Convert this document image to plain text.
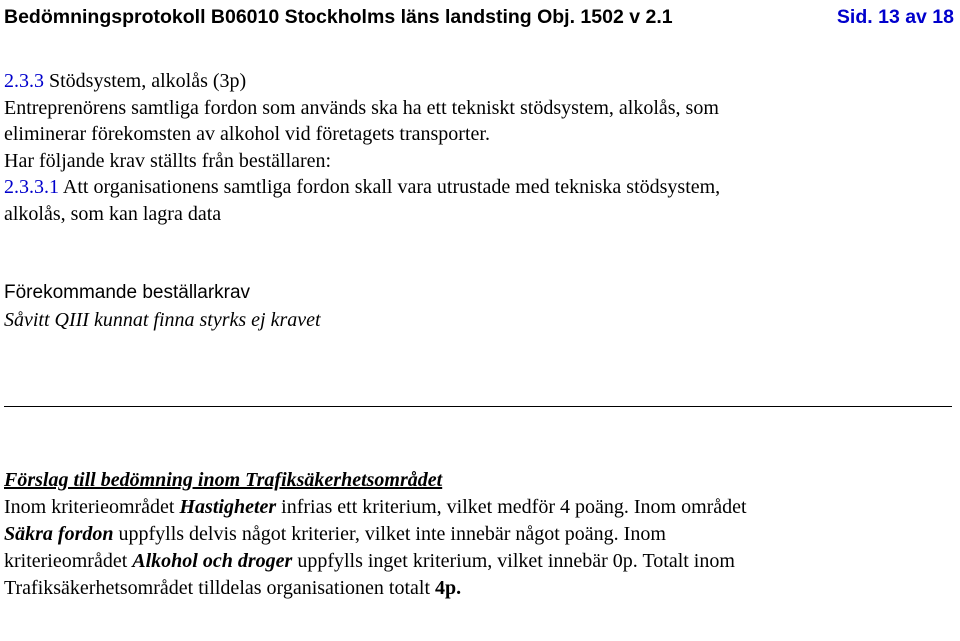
Bedömningsprotokoll B06010 Stockholms läns landsting Obj. 1502 v 2.1	Sid. 13 av 18
2.3.3 Stödsystem, alkolås (3p)
Entreprenörens samtliga fordon som används ska ha ett tekniskt stödsystem, alkolås, som
eliminerar förekomsten av alkohol vid företagets transporter.
Har följande krav ställts från beställaren:
2.3.3.1 Att organisationens samtliga fordon skall vara utrustade med tekniska stödsystem,
alkolås, som kan lagra data
Förekommande beställarkrav
Såvitt QIII kunnat finna styrks ej kravet
Förslag till bedömning inom Trafiksäkerhetsområdet
Inom kriterieområdet Hastigheter infrias ett kriterium, vilket medför 4 poäng. Inom området
Säkra fordon uppfylls delvis något kriterier, vilket inte innebär något poäng. Inom
kriterieområdet Alkohol och droger uppfylls inget kriterium, vilket innebär 0p. Totalt inom
Trafiksäkerhetsområdet tilldelas organisationen totalt 4p.
